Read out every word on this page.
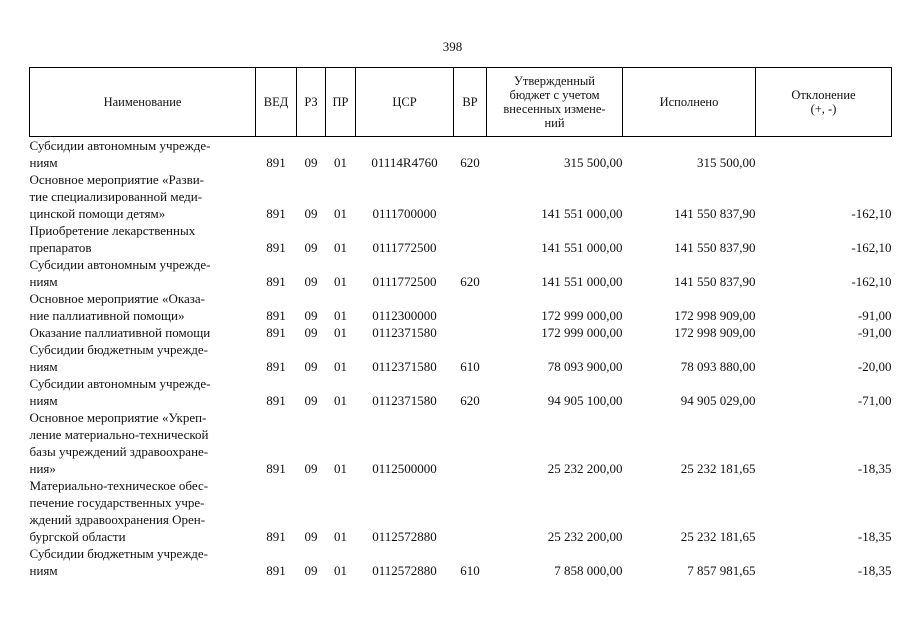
398
Наименование	ВЕД	РЗ	ПР	ЦСР	ВР	Утвержденный
бюджет с учетом
внесенных измене-
ний	Исполнено	Отклонение
(+, -)

Субсидии автономным учрежде-
ниям	891	09	01	01114R4760	620	315 500,00	315 500,00	

Основное мероприятие «Разви-
тие специализированной меди-
цинской помощи детям»	891	09	01	0111700000		141 551 000,00	141 550 837,90	-162,10

Приобретение лекарственных
препаратов	891	09	01	0111772500		141 551 000,00	141 550 837,90	-162,10

Субсидии автономным учрежде-
ниям	891	09	01	0111772500	620	141 551 000,00	141 550 837,90	-162,10

Основное мероприятие «Оказа-
ние паллиативной помощи»	891	09	01	0112300000		172 999 000,00	172 998 909,00	-91,00

Оказание паллиативной помощи	891	09	01	0112371580		172 999 000,00	172 998 909,00	-91,00

Субсидии бюджетным учрежде-
ниям	891	09	01	0112371580	610	78 093 900,00	78 093 880,00	-20,00

Субсидии автономным учрежде-
ниям	891	09	01	0112371580	620	94 905 100,00	94 905 029,00	-71,00

Основное мероприятие «Укреп-
ление материально-технической
базы учреждений здравоохране-
ния»	891	09	01	0112500000		25 232 200,00	25 232 181,65	-18,35

Материально-техническое обес-
печение государственных учре-
ждений здравоохранения Орен-
бургской области	891	09	01	0112572880		25 232 200,00	25 232 181,65	-18,35

Субсидии бюджетным учрежде-
ниям	891	09	01	0112572880	610	7 858 000,00	7 857 981,65	-18,35
